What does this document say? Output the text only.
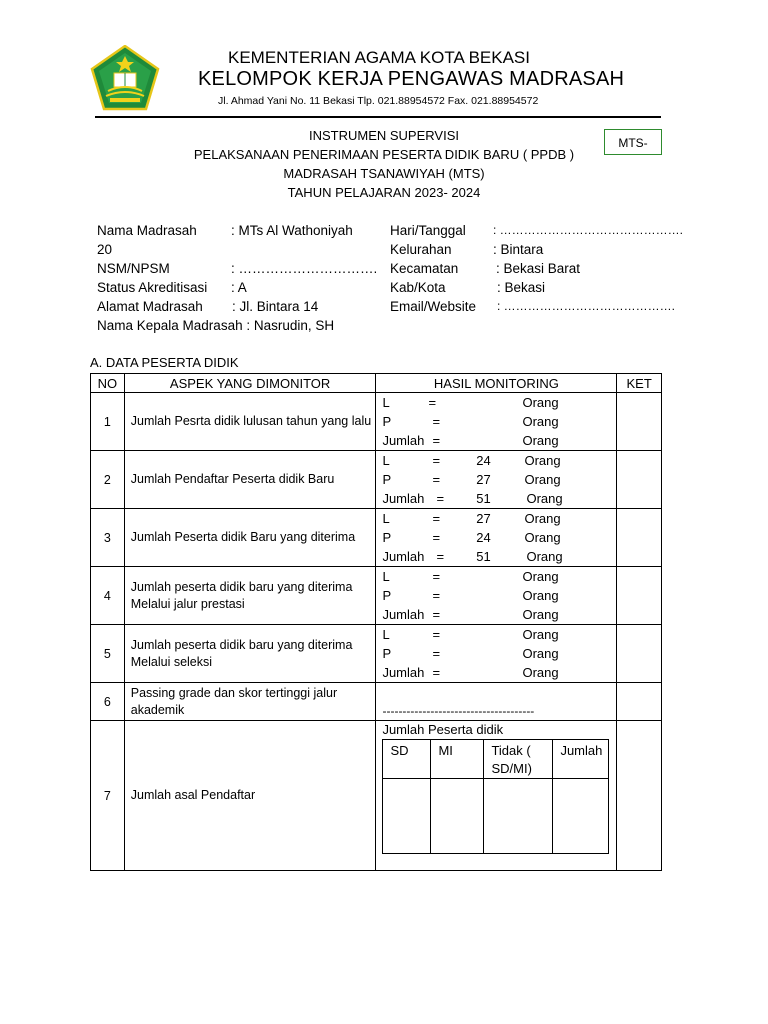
KEMENTERIAN AGAMA KOTA BEKASI
KELOMPOK KERJA PENGAWAS MADRASAH
Jl. Ahmad Yani No. 11 Bekasi Tlp. 021.88954572 Fax. 021.88954572
MTS-
INSTRUMEN SUPERVISI
PELAKSANAAN PENERIMAAN PESERTA DIDIK BARU ( PPDB )
MADRASAH TSANAWIYAH (MTS)
TAHUN PELAJARAN 2023- 2024
Nama Madrasah	: MTs Al Wathoniyah
20
NSM/NPSM	: ………………………….
Status Akreditisasi : A
Alamat Madrasah : Jl. Bintara 14
Nama Kepala Madrasah : Nasrudin, SH
Hari/Tanggal : ……………………………………….
Kelurahan	: Bintara
Kecamatan	: Bekasi Barat
Kab/Kota	: Bekasi
Email/Website : …………………………………….
A. DATA PESERTA DIDIK
NO	ASPEK YANG DIMONITOR	HASIL MONITORING	KET
1	Jumlah Pesrta didik lulusan tahun yang lalu	
L	=	Orang
P	=	Orang
Jumlah =	Orang

2	Jumlah Pendaftar Peserta didik Baru	
L	=	24	Orang
P	=	27	Orang
Jumlah =	51	Orang

3	Jumlah Peserta didik Baru yang diterima	
L	=	27	Orang
P	=	24	Orang
Jumlah =	51	Orang

4	Jumlah peserta didik baru yang diterima Melalui jalur prestasi	
L	=	Orang
P	=	Orang
Jumlah =	Orang

5	Jumlah peserta didik baru yang diterima Melalui seleksi	
L	=	Orang
P	=	Orang
Jumlah =	Orang

6	Passing grade dan skor tertinggi jalur akademik	--------------------------------------	
7	Jumlah asal Pendaftar	
Jumlah Peserta didik
SD	MI	Tidak ( SD/MI)	Jumlah
